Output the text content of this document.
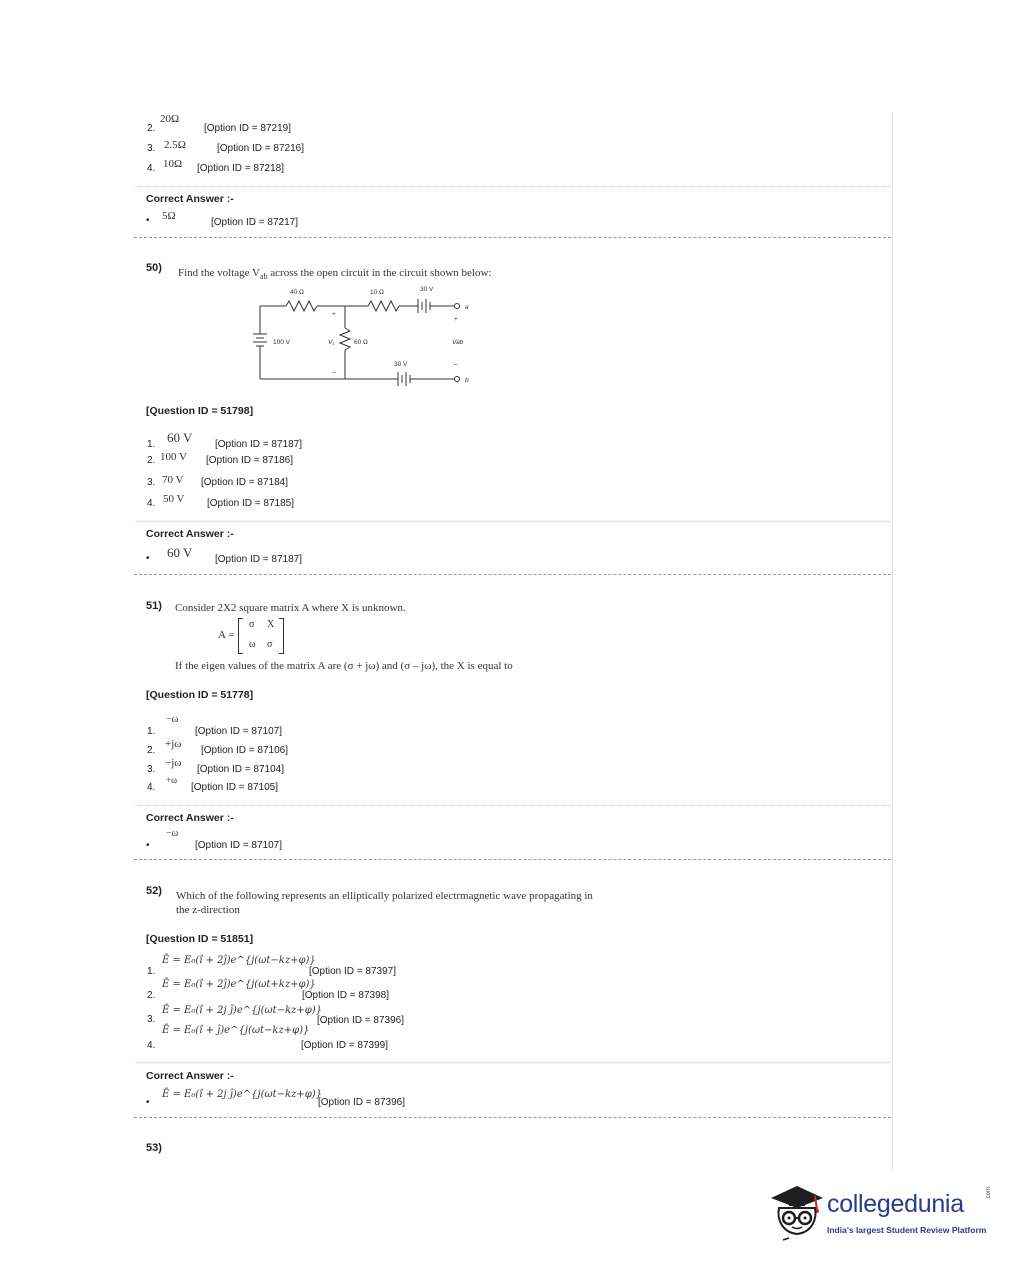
2.
20Ω
[Option ID = 87219]
3. 2.5Ω	[Option ID = 87216]
4. 10Ω [Option ID = 87218]
Correct Answer :-
• 5Ω
[Option ID = 87217]
50) Find the voltage $V_{ab}$ across the open circuit in the circuit shown below:
40 Ω	10 Ω	30 V
100 V	60 Ω
V₁
30 V
Vab
a
b
+
–
+
–
[Question ID = 51798]
1. 60 V [Option ID = 87187]
2. 100 V [Option ID = 87186]
3. 70 V [Option ID = 87184]
4. 50 V [Option ID = 87185]
Correct Answer :-
• 60 V [Option ID = 87187]
51) Consider 2X2 square matrix A where X is unknown.
A =
σ X
ω σ
If the eigen values of the matrix A are (σ + jω) and (σ – jω), the X is equal to
[Question ID = 51778]
−ω
1.	[Option ID = 87107]
2.
+jω
[Option ID = 87106]
3.
−jω
[Option ID = 87104]
4.
+ω
[Option ID = 87105]
Correct Answer :-
−ω
•	[Option ID = 87107]
52) Which of the following represents an elliptically polarized electrmagnetic wave propagating in
the z-direction
[Question ID = 51851]
1.
Ē = E₀(î + 2ĵ)e^{j(ωt−kz+φ)}
[Option ID = 87397]
2.
Ē = E₀(î + 2ĵ)e^{j(ωt+kz+φ)}
[Option ID = 87398]
3.
Ē = E₀(î + 2j ĵ)e^{j(ωt−kz+φ)}
[Option ID = 87396]
4.
Ē = E₀(î + ĵ)e^{j(ωt−kz+φ)}
[Option ID = 87399]
Correct Answer :-
•
Ē = E₀(î + 2j ĵ)e^{j(ωt−kz+φ)}
[Option ID = 87396]
53)
collegedunia	.com
India's largest Student Review Platform
